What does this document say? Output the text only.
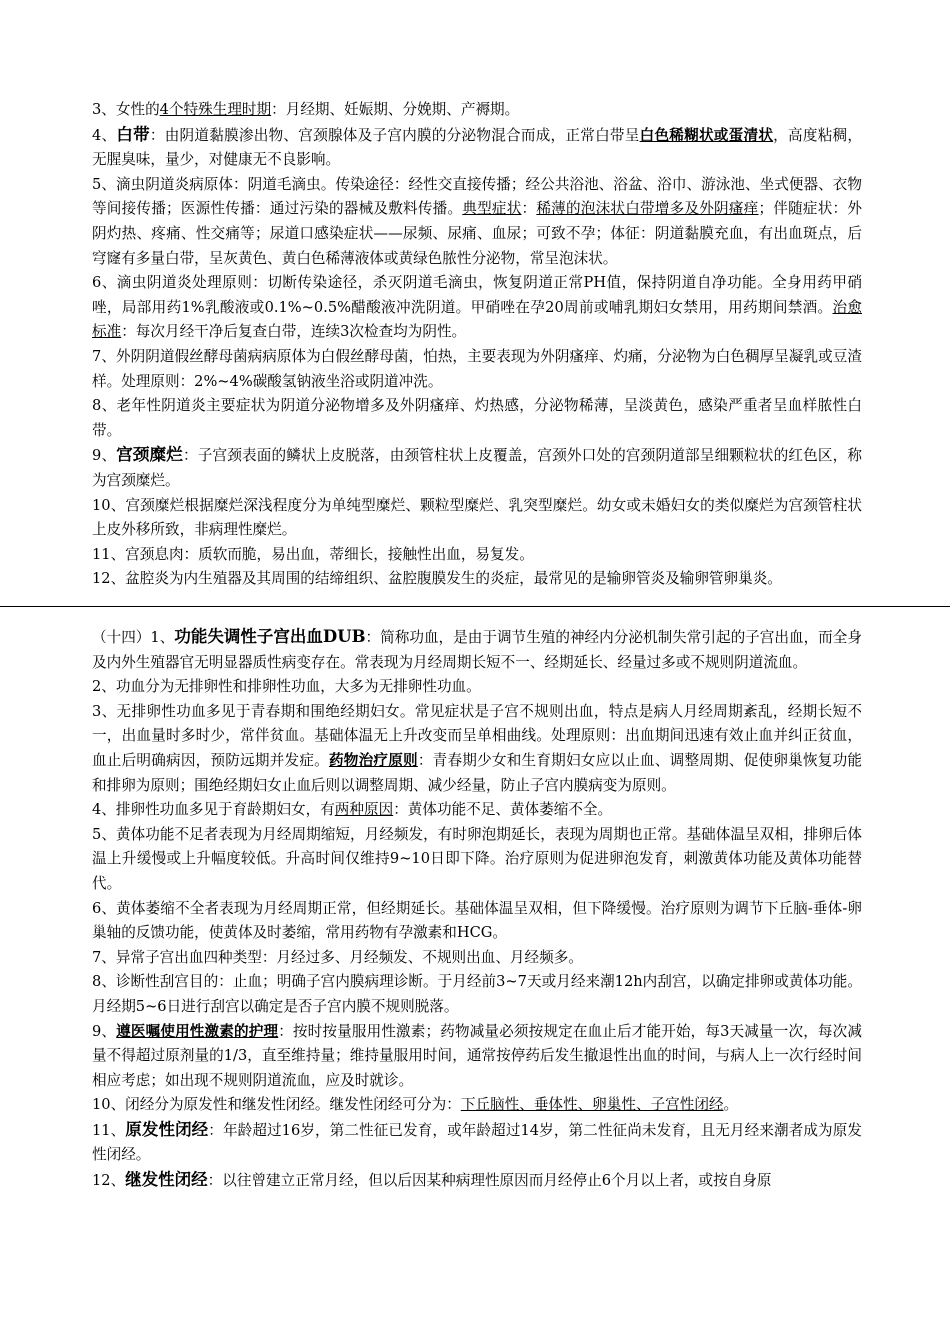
3、女性的4个特殊生理时期：月经期、妊娠期、分娩期、产褥期。

4、白带：由阴道黏膜渗出物、宫颈腺体及子宫内膜的分泌物混合而成，正常白带呈白色稀糊状或蛋清状，高度粘稠，无腥臭味，量少，对健康无不良影响。

5、滴虫阴道炎病原体：阴道毛滴虫。传染途径：经性交直接传播；经公共浴池、浴盆、浴巾、游泳池、坐式便器、衣物等间接传播；医源性传播：通过污染的器械及敷料传播。典型症状：稀薄的泡沫状白带增多及外阴瘙痒；伴随症状：外阴灼热、疼痛、性交痛等；尿道口感染症状——尿频、尿痛、血尿；可致不孕；体征：阴道黏膜充血，有出血斑点，后穹窿有多量白带，呈灰黄色、黄白色稀薄液体或黄绿色脓性分泌物，常呈泡沫状。

6、滴虫阴道炎处理原则：切断传染途径，杀灭阴道毛滴虫，恢复阴道正常PH值，保持阴道自净功能。全身用药甲硝唑，局部用药1%乳酸液或0.1%~0.5%醋酸液冲洗阴道。甲硝唑在孕20周前或哺乳期妇女禁用，用药期间禁酒。治愈标准：每次月经干净后复查白带，连续3次检查均为阴性。

7、外阴阴道假丝酵母菌病病原体为白假丝酵母菌，怕热，主要表现为外阴瘙痒、灼痛，分泌物为白色稠厚呈凝乳或豆渣样。处理原则：2%~4%碳酸氢钠液坐浴或阴道冲洗。

8、老年性阴道炎主要症状为阴道分泌物增多及外阴瘙痒、灼热感，分泌物稀薄，呈淡黄色，感染严重者呈血样脓性白带。

9、宫颈糜烂：子宫颈表面的鳞状上皮脱落，由颈管柱状上皮覆盖，宫颈外口处的宫颈阴道部呈细颗粒状的红色区，称为宫颈糜烂。

10、宫颈糜烂根据糜烂深浅程度分为单纯型糜烂、颗粒型糜烂、乳突型糜烂。幼女或未婚妇女的类似糜烂为宫颈管柱状上皮外移所致，非病理性糜烂。

11、宫颈息肉：质软而脆，易出血，蒂细长，接触性出血，易复发。

12、盆腔炎为内生殖器及其周围的结缔组织、盆腔腹膜发生的炎症，最常见的是输卵管炎及输卵管卵巢炎。

（十四）1、功能失调性子宫出血DUB：简称功血，是由于调节生殖的神经内分泌机制失常引起的子宫出血，而全身及内外生殖器官无明显器质性病变存在。常表现为月经周期长短不一、经期延长、经量过多或不规则阴道流血。

2、功血分为无排卵性和排卵性功血，大多为无排卵性功血。

3、无排卵性功血多见于青春期和围绝经期妇女。常见症状是子宫不规则出血，特点是病人月经周期紊乱，经期长短不一，出血量时多时少，常伴贫血。基础体温无上升改变而呈单相曲线。处理原则：出血期间迅速有效止血并纠正贫血，血止后明确病因，预防远期并发症。药物治疗原则：青春期少女和生育期妇女应以止血、调整周期、促使卵巢恢复功能和排卵为原则；围绝经期妇女止血后则以调整周期、减少经量，防止子宫内膜病变为原则。

4、排卵性功血多见于育龄期妇女，有两种原因：黄体功能不足、黄体萎缩不全。

5、黄体功能不足者表现为月经周期缩短，月经频发，有时卵泡期延长，表现为周期也正常。基础体温呈双相，排卵后体温上升缓慢或上升幅度较低。升高时间仅维持9~10日即下降。治疗原则为促进卵泡发育，刺激黄体功能及黄体功能替代。

6、黄体萎缩不全者表现为月经周期正常，但经期延长。基础体温呈双相，但下降缓慢。治疗原则为调节下丘脑-垂体-卵巢轴的反馈功能，使黄体及时萎缩，常用药物有孕激素和HCG。

7、异常子宫出血四种类型：月经过多、月经频发、不规则出血、月经频多。

8、诊断性刮宫目的：止血；明确子宫内膜病理诊断。于月经前3~7天或月经来潮12h内刮宫，以确定排卵或黄体功能。月经期5~6日进行刮宫以确定是否子宫内膜不规则脱落。

9、遵医嘱使用性激素的护理：按时按量服用性激素；药物减量必须按规定在血止后才能开始，每3天减量一次，每次减量不得超过原剂量的1/3，直至维持量；维持量服用时间，通常按停药后发生撤退性出血的时间，与病人上一次行经时间相应考虑；如出现不规则阴道流血，应及时就诊。

10、闭经分为原发性和继发性闭经。继发性闭经可分为：下丘脑性、垂体性、卵巢性、子宫性闭经。

11、原发性闭经：年龄超过16岁，第二性征已发育，或年龄超过14岁，第二性征尚未发育，且无月经来潮者成为原发性闭经。

12、继发性闭经：以往曾建立正常月经，但以后因某种病理性原因而月经停止6个月以上者，或按自身原
